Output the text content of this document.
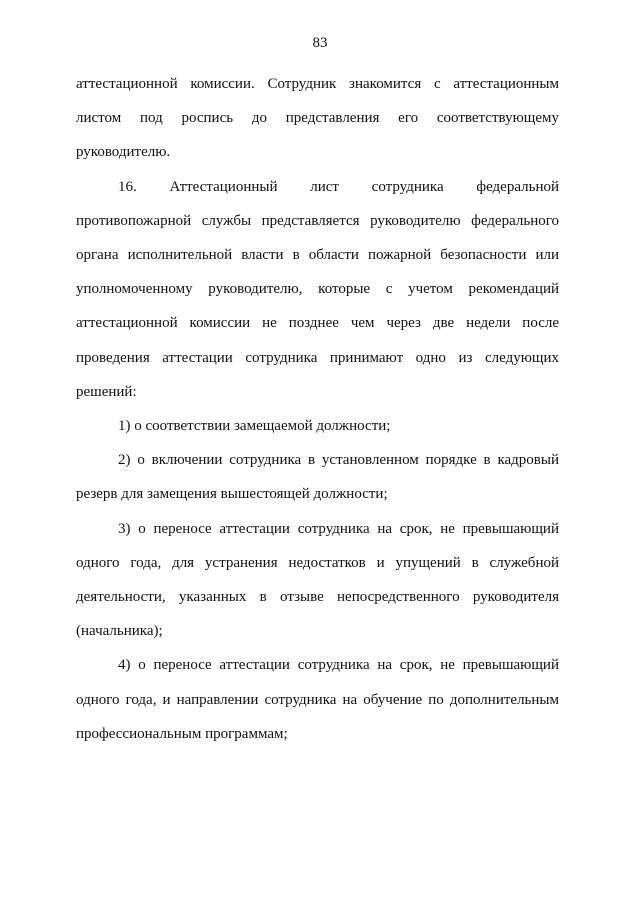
83

аттестационной комиссии. Сотрудник знакомится с аттестационным листом под роспись до представления его соответствующему руководителю.

16. Аттестационный лист сотрудника федеральной противопожарной службы представляется руководителю федерального органа исполнительной власти в области пожарной безопасности или уполномоченному руководителю, которые с учетом рекомендаций аттестационной комиссии не позднее чем через две недели после проведения аттестации сотрудника принимают одно из следующих решений:

1) о соответствии замещаемой должности;

2) о включении сотрудника в установленном порядке в кадровый резерв для замещения вышестоящей должности;

3) о переносе аттестации сотрудника на срок, не превышающий одного года, для устранения недостатков и упущений в служебной деятельности, указанных в отзыве непосредственного руководителя (начальника);

4) о переносе аттестации сотрудника на срок, не превышающий одного года, и направлении сотрудника на обучение по дополнительным профессиональным программам;
